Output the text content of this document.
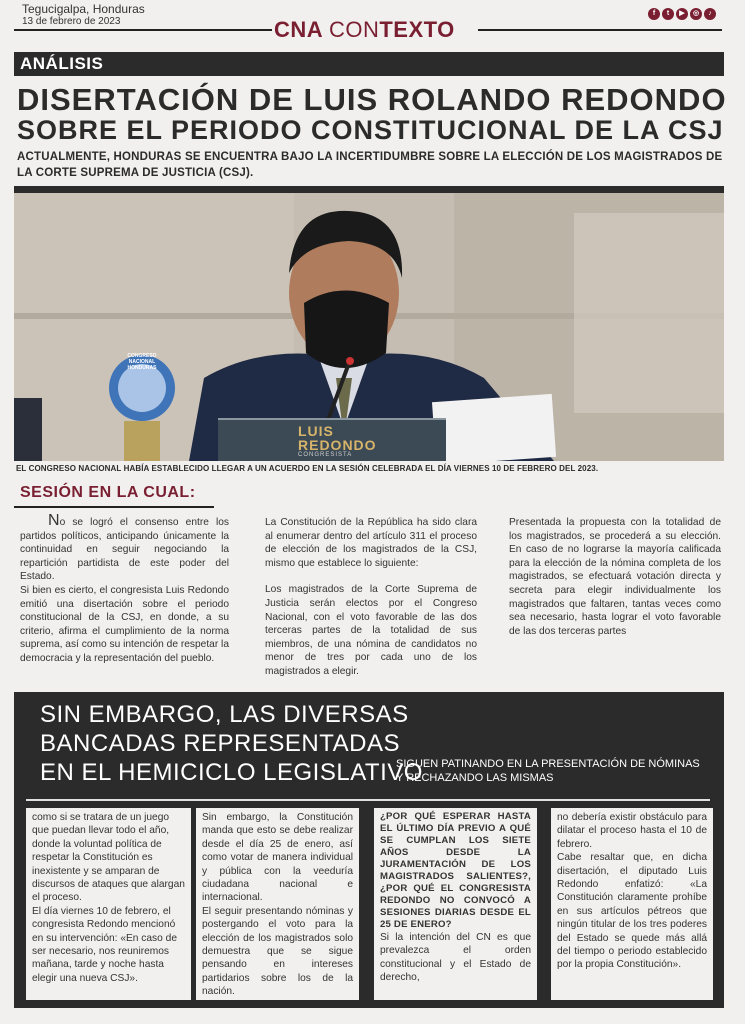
Tegucigalpa, Honduras
13 de febrero de 2023	CNA CONTEXTO
f	t	▶	◎	♪
ANÁLISIS
DISERTACIÓN DE LUIS ROLANDO REDONDO
SOBRE EL PERIODO CONSTITUCIONAL DE LA CSJ
ACTUALMENTE, HONDURAS SE ENCUENTRA BAJO LA INCERTIDUMBRE SOBRE LA ELECCIÓN DE LOS MAGISTRADOS DE LA CORTE SUPREMA DE JUSTICIA (CSJ).
LUIS
REDONDO
CONGRESISTA
CONGRESO NACIONAL HONDURAS
EL CONGRESO NACIONAL HABÍA ESTABLECIDO LLEGAR A UN ACUERDO EN LA SESIÓN CELEBRADA EL DÍA VIERNES 10 DE FEBRERO DEL 2023.
SESIÓN EN LA CUAL:

No se logró el consenso entre los partidos políticos, anticipando únicamente la continuidad en seguir negociando la repartición partidista de este poder del Estado.

Si bien es cierto, el congresista Luis Redondo emitió una disertación sobre el periodo constitucional de la CSJ, en donde, a su criterio, afirma el cumplimiento de la norma suprema, así como su intención de respetar la democracia y la representación del pueblo.

La Constitución de la República ha sido clara al enumerar dentro del artículo 311 el proceso de elección de los magistrados de la CSJ, mismo que establece lo siguiente:

Los magistrados de la Corte Suprema de Justicia serán electos por el Congreso Nacional, con el voto favorable de las dos terceras partes de la totalidad de sus miembros, de una nómina de candidatos no menor de tres por cada uno de los magistrados a elegir.

Presentada la propuesta con la totalidad de los magistrados, se procederá a su elección. En caso de no lograrse la mayoría calificada para la elección de la nómina completa de los magistrados, se efectuará votación directa y secreta para elegir individualmente los magistrados que faltaren, tantas veces como sea necesario, hasta lograr el voto favorable de las dos terceras partes

SIN EMBARGO, LAS DIVERSAS
BANCADAS REPRESENTADAS
EN EL HEMICICLO LEGISLATIVO
SIGUEN PATINANDO EN LA PRESENTACIÓN DE NÓMINAS
Y RECHAZANDO LAS MISMAS

como si se tratara de un juego que puedan llevar todo el año, donde la voluntad política de respetar la Constitución es inexistente y se amparan de discursos de ataques que alargan el proceso.

El día viernes 10 de febrero, el congresista Redondo mencionó en su intervención: «En caso de ser necesario, nos reuniremos mañana, tarde y noche hasta elegir una nueva CSJ».

Sin embargo, la Constitución manda que esto se debe realizar desde el día 25 de enero, así como votar de manera individual y pública con la veeduría ciudadana nacional e internacional.

El seguir presentando nóminas y postergando el voto para la elección de los magistrados solo demuestra que se sigue pensando en intereses partidarios sobre los de la nación.

¿POR QUÉ ESPERAR HASTA EL ÚLTIMO DÍA PREVIO A QUÉ SE CUMPLAN LOS SIETE AÑOS DESDE LA JURAMENTACIÓN DE LOS MAGISTRADOS SALIENTES?, ¿POR QUÉ EL CONGRESISTA REDONDO NO CONVOCÓ A SESIONES DIARIAS DESDE EL 25 DE ENERO?

Si la intención del CN es que prevalezca el orden constitucional y el Estado de derecho,

no debería existir obstáculo para dilatar el proceso hasta el 10 de febrero.

Cabe resaltar que, en dicha disertación, el diputado Luis Redondo enfatizó: «La Constitución claramente prohíbe en sus artículos pétreos que ningún titular de los tres poderes del Estado se quede más allá del tiempo o periodo establecido por la propia Constitución».
